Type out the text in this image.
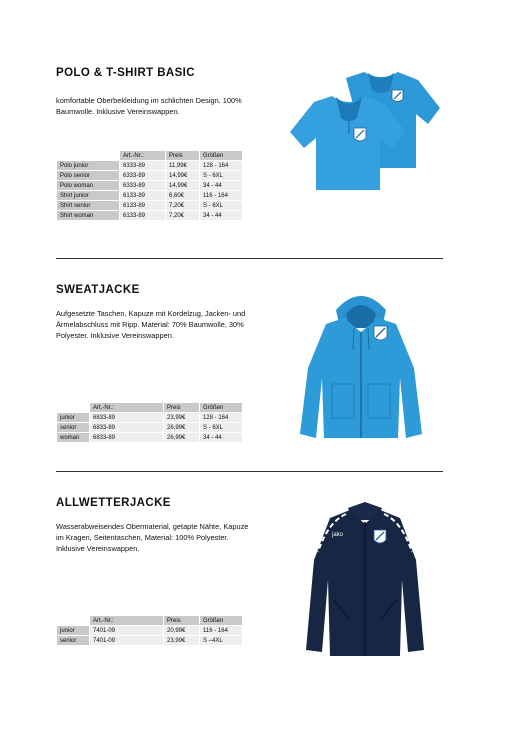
POLO & T-SHIRT BASIC

komfortable Oberbekleidung im schlichten Design. 100% Baumwolle. Inklusive Vereinswappen.

	Art.-Nr.:	Preis	Größen
Polo junior	6333-89	11,99€	128 - 164
Polo senior	6333-89	14,99€	S - 6XL
Polo woman	6333-89	14,99€	34 - 44
Shirt junior	6133-89	6,60€	116 - 164
Shirt senior	6133-89	7,20€	S - 6XL
Shirt woman	6133-89	7,20€	34 - 44
SWEATJACKE

Aufgesetzte Taschen, Kapuze mit Kordelzug, Jacken- und Ärmelabschluss mit Ripp. Material: 70% Baumwolle, 30% Polyester. Inklusive Vereinswappen.

	Art.-Nr.:	Preis	Größen
junior	6833-89	23,99€	128 - 164
senior	6833-89	26,99€	S - 6XL
woman	6833-89	26,99€	34 - 44
ALLWETTERJACKE

Wasserabweisendes Obermaterial, getapte Nähte, Kapuze im Kragen, Seitentaschen, Material: 100% Polyester. Inklusive Vereinswappen.

	Art.-Nr.:	Preis	Größen
junior	7401-09	20,99€	116 - 164
senior	7401-09	23,99€	S –4XL
jako
